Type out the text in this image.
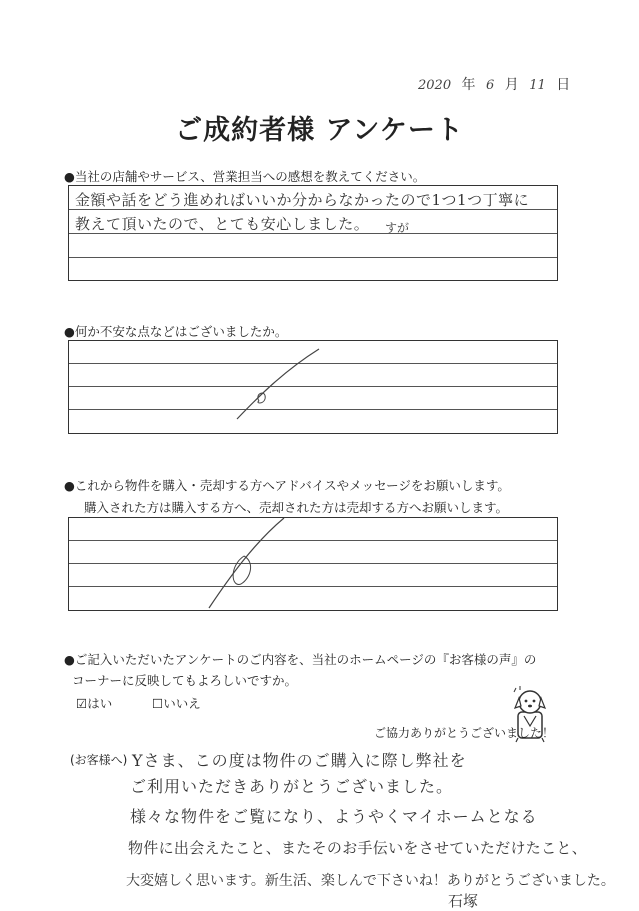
2020 年 6 月 11 日
ご成約者様 アンケート
●当社の店舗やサービス、営業担当への感想を教えてください。
金額や話をどう進めればいいか分からなかったので1つ1つ丁寧に
教えて頂いたので、とても安心しました。 すが
●何か不安な点などはございましたか。
●これから物件を購入・売却する方へアドバイスやメッセージをお願いします。
購入された方は購入する方へ、売却された方は売却する方へお願いします。
●ご記入いただいたアンケートのご内容を、当社のホームページの『お客様の声』の
コーナーに反映してもよろしいですか。
☑はい	☐いいえ
ご協力ありがとうございました！
(お客様へ) Yさま、この度は物件のご購入に際し弊社を
ご利用いただきありがとうございました。
様々な物件をご覧になり、ようやくマイホームとなる
物件に出会えたこと、またそのお手伝いをさせていただけたこと、
大変嬉しく思います。新生活、楽しんで下さいね！ありがとうございました。
石塚
